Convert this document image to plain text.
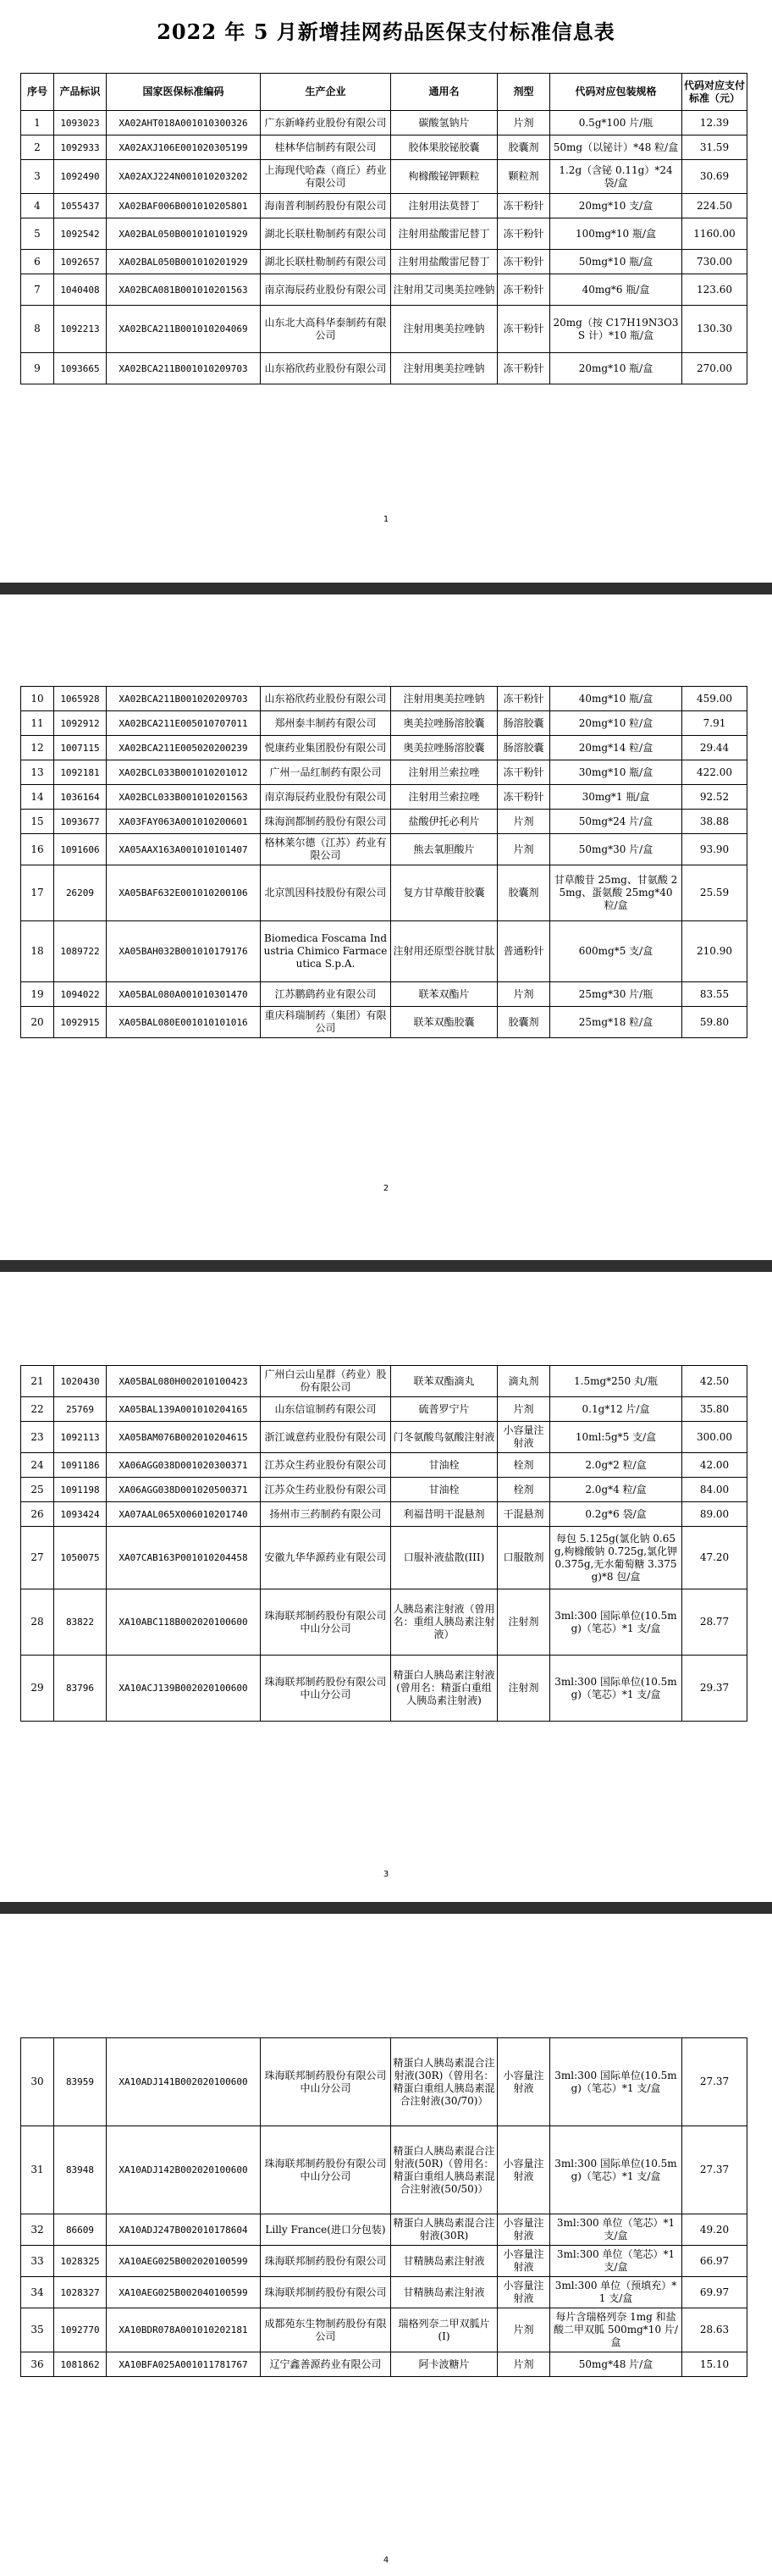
2022 年 5 月新增挂网药品医保支付标准信息表
序号	产品标识	国家医保标准编码	生产企业	通用名	剂型	代码对应包装规格	代码对应支付标准（元）
1	1093023	XA02AHT018A001010300326	广东新峰药业股份有限公司	碳酸氢钠片	片剂	0.5g*100 片/瓶	12.39
2	1092933	XA02AXJ106E001020305199	桂林华信制药有限公司	胶体果胶铋胶囊	胶囊剂	50mg（以铋计）*48 粒/盒	31.59
3	1092490	XA02AXJ224N001010203202	上海现代哈森（商丘）药业有限公司	枸橼酸铋钾颗粒	颗粒剂	1.2g（含铋 0.11g）*24 袋/盒	30.69
4	1055437	XA02BAF006B001010205801	海南普利制药股份有限公司	注射用法莫替丁	冻干粉针	20mg*10 支/盒	224.50
5	1092542	XA02BAL050B001010101929	湖北长联杜勒制药有限公司	注射用盐酸雷尼替丁	冻干粉针	100mg*10 瓶/盒	1160.00
6	1092657	XA02BAL050B001010201929	湖北长联杜勒制药有限公司	注射用盐酸雷尼替丁	冻干粉针	50mg*10 瓶/盒	730.00
7	1040408	XA02BCA081B001010201563	南京海辰药业股份有限公司	注射用艾司奥美拉唑钠	冻干粉针	40mg*6 瓶/盒	123.60
8	1092213	XA02BCA211B001010204069	山东北大高科华泰制药有限公司	注射用奥美拉唑钠	冻干粉针	20mg（按 C17H19N3O3S 计）*10 瓶/盒	130.30
9	1093665	XA02BCA211B001010209703	山东裕欣药业股份有限公司	注射用奥美拉唑钠	冻干粉针	20mg*10 瓶/盒	270.00
1
10	1065928	XA02BCA211B001020209703	山东裕欣药业股份有限公司	注射用奥美拉唑钠	冻干粉针	40mg*10 瓶/盒	459.00
11	1092912	XA02BCA211E005010707011	郑州泰丰制药有限公司	奥美拉唑肠溶胶囊	肠溶胶囊	20mg*10 粒/盒	7.91
12	1007115	XA02BCA211E005020200239	悦康药业集团股份有限公司	奥美拉唑肠溶胶囊	肠溶胶囊	20mg*14 粒/盒	29.44
13	1092181	XA02BCL033B001010201012	广州一品红制药有限公司	注射用兰索拉唑	冻干粉针	30mg*10 瓶/盒	422.00
14	1036164	XA02BCL033B001010201563	南京海辰药业股份有限公司	注射用兰索拉唑	冻干粉针	30mg*1 瓶/盒	92.52
15	1093677	XA03FAY063A001010200601	珠海润都制药股份有限公司	盐酸伊托必利片	片剂	50mg*24 片/盒	38.88
16	1091606	XA05AAX163A001010101407	格林莱尔德（江苏）药业有限公司	熊去氧胆酸片	片剂	50mg*30 片/盒	93.90
17	26209	XA05BAF632E001010200106	北京凯因科技股份有限公司	复方甘草酸苷胶囊	胶囊剂	甘草酸苷 25mg、甘氨酸 25mg、蛋氨酸 25mg*40 粒/盒	25.59
18	1089722	XA05BAH032B001010179176	Biomedica Foscama Industria Chimico Farmaceutica S.p.A.	注射用还原型谷胱甘肽	普通粉针	600mg*5 支/盒	210.90
19	1094022	XA05BAL080A001010301470	江苏鹏鹞药业有限公司	联苯双酯片	片剂	25mg*30 片/瓶	83.55
20	1092915	XA05BAL080E001010101016	重庆科瑞制药（集团）有限公司	联苯双酯胶囊	胶囊剂	25mg*18 粒/盒	59.80
2
21	1020430	XA05BAL080H002010100423	广州白云山星群（药业）股份有限公司	联苯双酯滴丸	滴丸剂	1.5mg*250 丸/瓶	42.50
22	25769	XA05BAL139A001010204165	山东信谊制药有限公司	硫普罗宁片	片剂	0.1g*12 片/盒	35.80
23	1092113	XA05BAM076B002010204615	浙江诚意药业股份有限公司	门冬氨酸鸟氨酸注射液	小容量注射液	10ml:5g*5 支/盒	300.00
24	1091186	XA06AGG038D001020300371	江苏众生药业股份有限公司	甘油栓	栓剂	2.0g*2 粒/盒	42.00
25	1091198	XA06AGG038D001020500371	江苏众生药业股份有限公司	甘油栓	栓剂	2.0g*4 粒/盒	84.00
26	1093424	XA07AAL065X006010201740	扬州市三药制药有限公司	利福昔明干混悬剂	干混悬剂	0.2g*6 袋/盒	89.00
27	1050075	XA07CAB163P001010204458	安徽九华华源药业有限公司	口服补液盐散(III)	口服散剂	每包 5.125g(氯化钠 0.65g,枸橼酸钠 0.725g,氯化钾 0.375g,无水葡萄糖 3.375g)*8 包/盒	47.20
28	83822	XA10ABC118B002020100600	珠海联邦制药股份有限公司中山分公司	人胰岛素注射液（曾用名：重组人胰岛素注射液）	注射剂	3ml:300 国际单位(10.5mg)（笔芯）*1 支/盒	28.77
29	83796	XA10ACJ139B002020100600	珠海联邦制药股份有限公司中山分公司	精蛋白人胰岛素注射液(曾用名：精蛋白重组人胰岛素注射液)	注射剂	3ml:300 国际单位(10.5mg)（笔芯）*1 支/盒	29.37
3
30	83959	XA10ADJ141B002020100600	珠海联邦制药股份有限公司中山分公司	精蛋白人胰岛素混合注射液(30R)（曾用名：精蛋白重组人胰岛素混合注射液(30/70)）	小容量注射液	3ml:300 国际单位(10.5mg)（笔芯）*1 支/盒	27.37
31	83948	XA10ADJ142B002020100600	珠海联邦制药股份有限公司中山分公司	精蛋白人胰岛素混合注射液(50R)（曾用名：精蛋白重组人胰岛素混合注射液(50/50)）	小容量注射液	3ml:300 国际单位(10.5mg)（笔芯）*1 支/盒	27.37
32	86609	XA10ADJ247B002010178604	Lilly France(进口分包装)	精蛋白人胰岛素混合注射液(30R)	小容量注射液	3ml:300 单位（笔芯）*1 支/盒	49.20
33	1028325	XA10AEG025B002020100599	珠海联邦制药股份有限公司	甘精胰岛素注射液	小容量注射液	3ml:300 单位（笔芯）*1 支/盒	66.97
34	1028327	XA10AEG025B002040100599	珠海联邦制药股份有限公司	甘精胰岛素注射液	小容量注射液	3ml:300 单位（预填充）*1 支/盒	69.97
35	1092770	XA10BDR078A001010202181	成都苑东生物制药股份有限公司	瑞格列奈二甲双胍片(I)	片剂	每片含瑞格列奈 1mg 和盐酸二甲双胍 500mg*10 片/盒	28.63
36	1081862	XA10BFA025A001011781767	辽宁鑫善源药业有限公司	阿卡波糖片	片剂	50mg*48 片/盒	15.10
4
